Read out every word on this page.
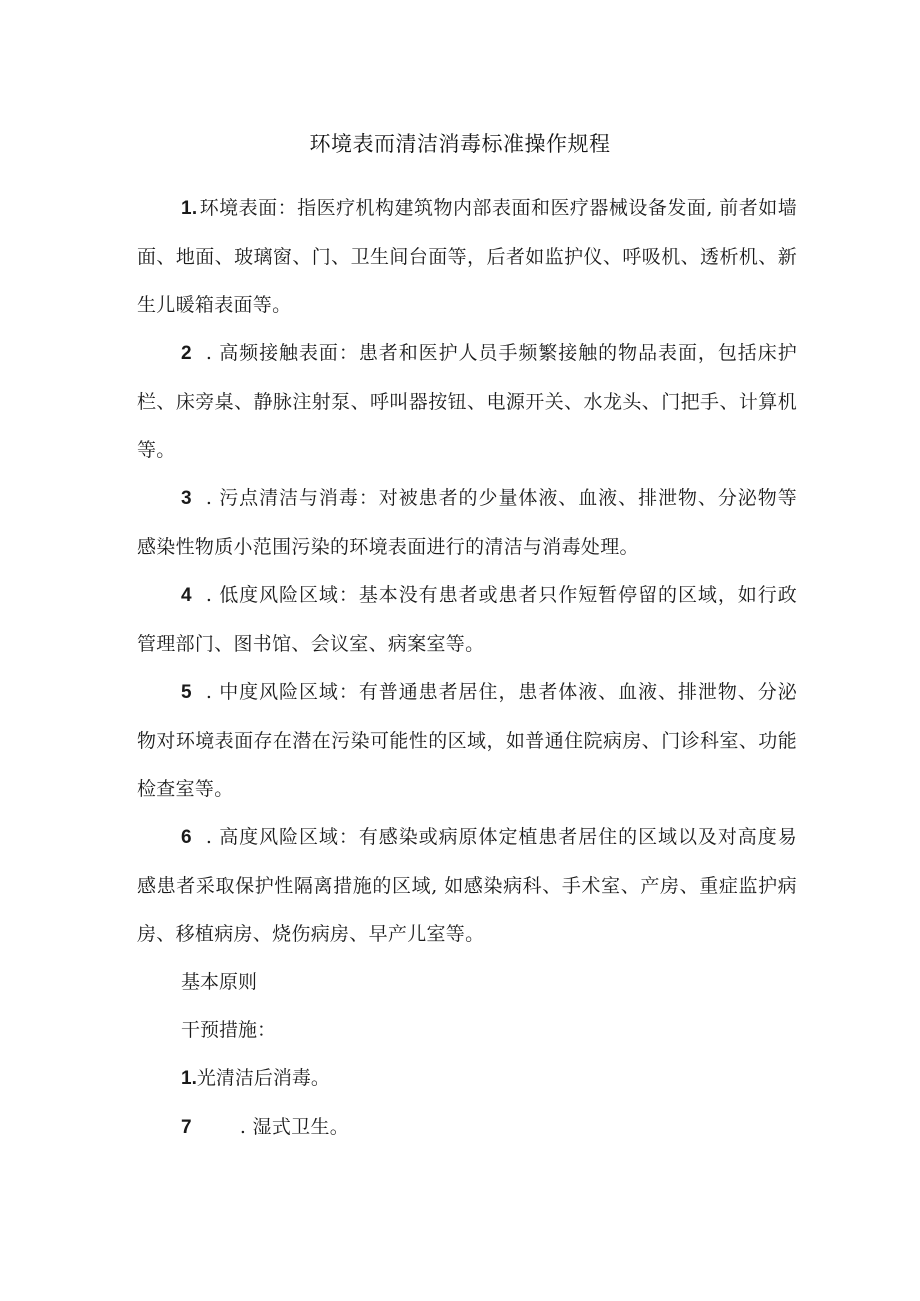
环境表而清洁消毒标准操作规程

1. 环境表面：指医疗机构建筑物内部表面和医疗器械设备发面, 前者如墙面、地面、玻璃窗、门、卫生间台面等，后者如监护仪、呼吸机、透析机、新生儿暖箱表面等。

2 . 高频接触表面：患者和医护人员手频繁接触的物品表面，包括床护栏、床旁桌、静脉注射泵、呼叫器按钮、电源开关、水龙头、门把手、计算机等。

3 . 污点清洁与消毒：对被患者的少量体液、血液、排泄物、分泌物等感染性物质小范围污染的环境表面进行的清洁与消毒处理。

4 . 低度风险区域：基本没有患者或患者只作短暂停留的区域，如行政管理部门、图书馆、会议室、病案室等。

5 . 中度风险区域：有普通患者居住，患者体液、血液、排泄物、分泌物对环境表面存在潜在污染可能性的区域，如普通住院病房、门诊科室、功能检查室等。

6 . 高度风险区域：有感染或病原体定植患者居住的区域以及对高度易感患者采取保护性隔离措施的区域, 如感染病科、手术室、产房、重症监护病房、移植病房、烧伤病房、早产儿室等。

基本原则

干预措施：

1.光清洁后消毒。

7	. 湿式卫生。
